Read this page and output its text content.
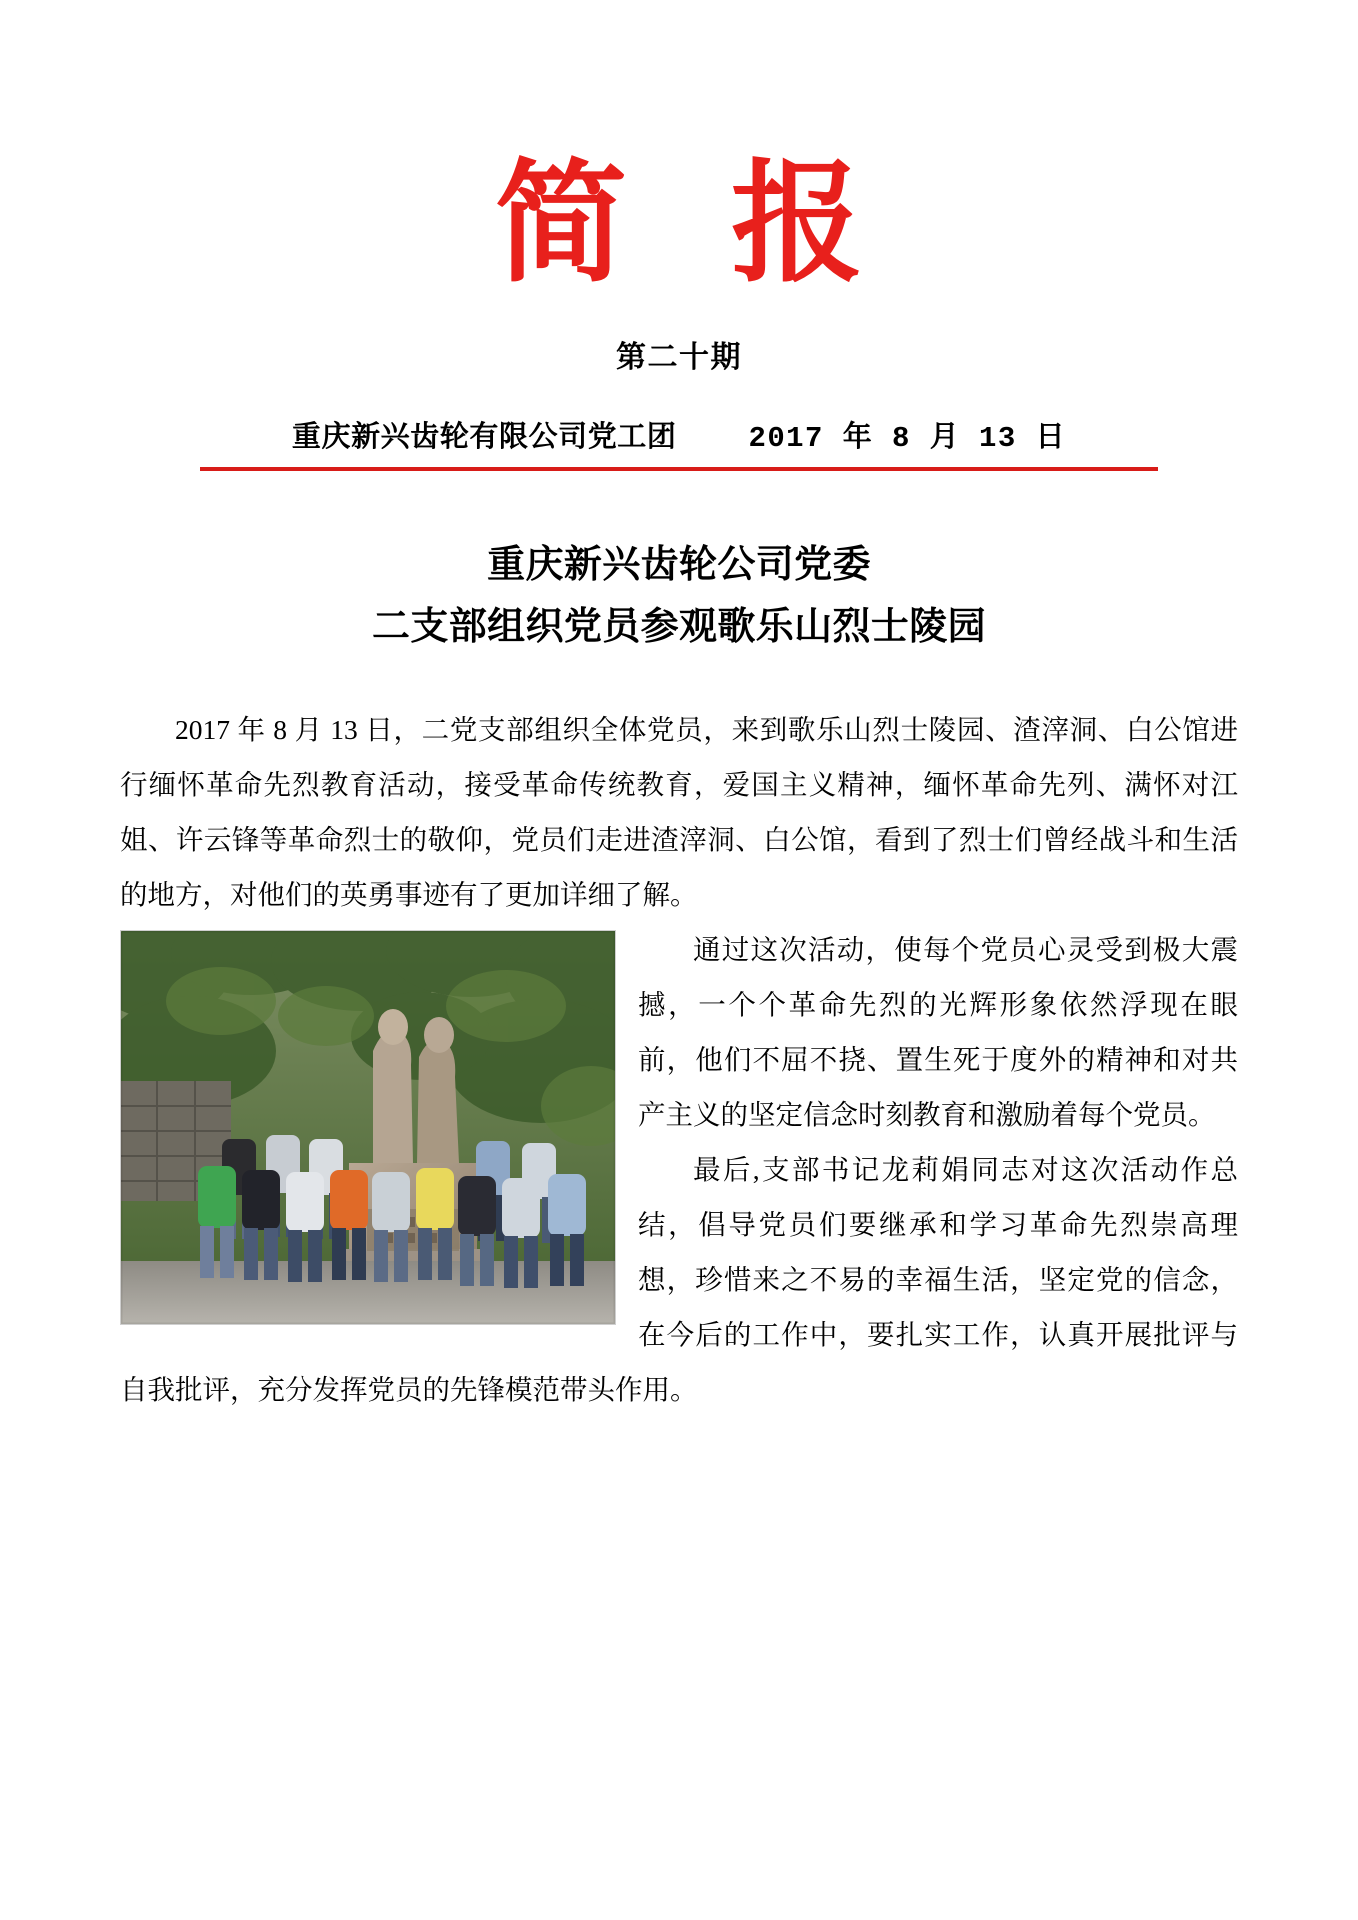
简 报
第二十期
重庆新兴齿轮有限公司党工团 2017 年 8 月 13 日
重庆新兴齿轮公司党委
二支部组织党员参观歌乐山烈士陵园

2017 年 8 月 13 日，二党支部组织全体党员，来到歌乐山烈士陵园、渣滓洞、白公馆进行缅怀革命先烈教育活动，接受革命传统教育，爱国主义精神，缅怀革命先列、满怀对江姐、许云锋等革命烈士的敬仰，党员们走进渣滓洞、白公馆，看到了烈士们曾经战斗和生活的地方，对他们的英勇事迹有了更加详细了解。

通过这次活动，使每个党员心灵受到极大震撼，一个个革命先烈的光辉形象依然浮现在眼前，他们不屈不挠、置生死于度外的精神和对共产主义的坚定信念时刻教育和激励着每个党员。

最后,支部书记龙莉娟同志对这次活动作总结，倡导党员们要继承和学习革命先烈崇高理想，珍惜来之不易的幸福生活，坚定党的信念，在今后的工作中，要扎实工作，认真开展批评与自我批评，充分发挥党员的先锋模范带头作用。
